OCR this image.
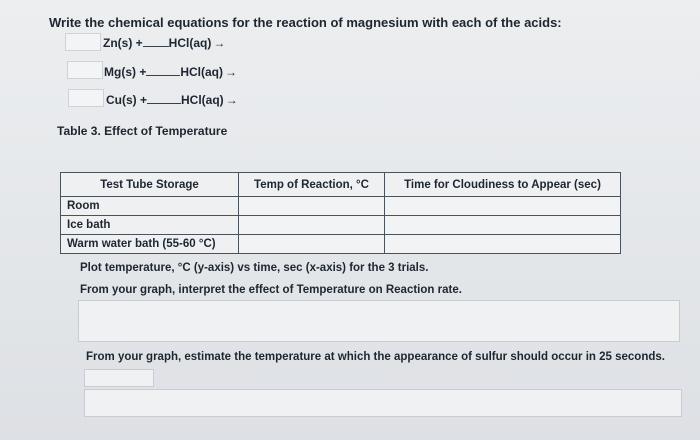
Write the chemical equations for the reaction of magnesium with each of the acids:
Zn(s) + HCl(aq) →
Mg(s) +	HCl(aq) →
Cu(s) +	HCl(aq) →
Table 3. Effect of Temperature
Test Tube Storage	Temp of Reaction, °C	Time for Cloudiness to Appear (sec)
Room		
Ice bath		
Warm water bath (55-60 °C)		
Plot temperature, °C (y-axis) vs time, sec (x-axis) for the 3 trials.
From your graph, interpret the effect of Temperature on Reaction rate.
From your graph, estimate the temperature at which the appearance of sulfur should occur in 25 seconds.
